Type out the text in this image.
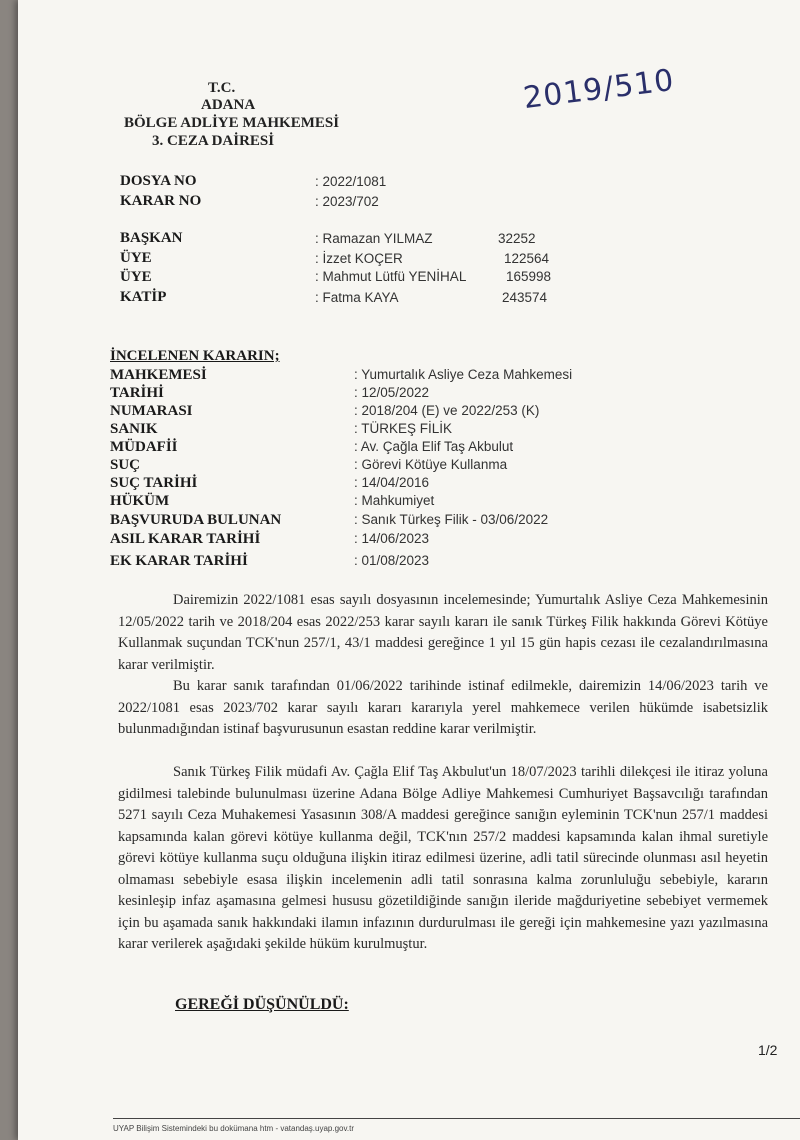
T.C.
ADANA
BÖLGE ADLİYE MAHKEMESİ
3. CEZA DAİRESİ
2019/510
DOSYA NO	: 2022/1081
KARAR NO	: 2023/702
BAŞKAN	: Ramazan YILMAZ	32252
ÜYE	: İzzet KOÇER	122564
ÜYE	: Mahmut Lütfü YENİHAL	165998
KATİP	: Fatma KAYA	243574
İNCELENEN KARARIN;
MAHKEMESİ	: Yumurtalık Asliye Ceza Mahkemesi
TARİHİ	: 12/05/2022
NUMARASI	: 2018/204 (E) ve 2022/253 (K)
SANIK	: TÜRKEŞ FİLİK
MÜDAFİİ	: Av. Çağla Elif Taş Akbulut
SUÇ	: Görevi Kötüye Kullanma
SUÇ TARİHİ	: 14/04/2016
HÜKÜM	: Mahkumiyet
BAŞVURUDA BULUNAN	: Sanık Türkeş Filik - 03/06/2022
ASIL KARAR TARİHİ	: 14/06/2023
EK KARAR TARİHİ	: 01/08/2023
Dairemizin 2022/1081 esas sayılı dosyasının incelemesinde; Yumurtalık Asliye Ceza Mahkemesinin 12/05/2022 tarih ve 2018/204 esas 2022/253 karar sayılı kararı ile sanık Türkeş Filik hakkında Görevi Kötüye Kullanmak suçundan TCK'nun 257/1, 43/1 maddesi gereğince 1 yıl 15 gün hapis cezası ile cezalandırılmasına karar verilmiştir.
Bu karar sanık tarafından 01/06/2022 tarihinde istinaf edilmekle, dairemizin 14/06/2023 tarih ve 2022/1081 esas 2023/702 karar sayılı kararı kararıyla yerel mahkemece verilen hükümde isabetsizlik bulunmadığından istinaf başvurusunun esastan reddine karar verilmiştir.
Sanık Türkeş Filik müdafi Av. Çağla Elif Taş Akbulut'un 18/07/2023 tarihli dilekçesi ile itiraz yoluna gidilmesi talebinde bulunulması üzerine Adana Bölge Adliye Mahkemesi Cumhuriyet Başsavcılığı tarafından 5271 sayılı Ceza Muhakemesi Yasasının 308/A maddesi gereğince sanığın eyleminin TCK'nun 257/1 maddesi kapsamında kalan görevi kötüye kullanma değil, TCK'nın 257/2 maddesi kapsamında kalan ihmal suretiyle görevi kötüye kullanma suçu olduğuna ilişkin itiraz edilmesi üzerine, adli tatil sürecinde olunması asıl heyetin olmaması sebebiyle esasa ilişkin incelemenin adli tatil sonrasına kalma zorunluluğu sebebiyle, kararın kesinleşip infaz aşamasına gelmesi hususu gözetildiğinde sanığın ileride mağduriyetine sebebiyet vermemek için bu aşamada sanık hakkındaki ilamın infazının durdurulması ile gereği için mahkemesine yazı yazılmasına karar verilerek aşağıdaki şekilde hüküm kurulmuştur.
GEREĞİ DÜŞÜNÜLDÜ:
1/2
UYAP Bilişim Sistemindeki bu dokümana htm - vatandaş.uyap.gov.tr
